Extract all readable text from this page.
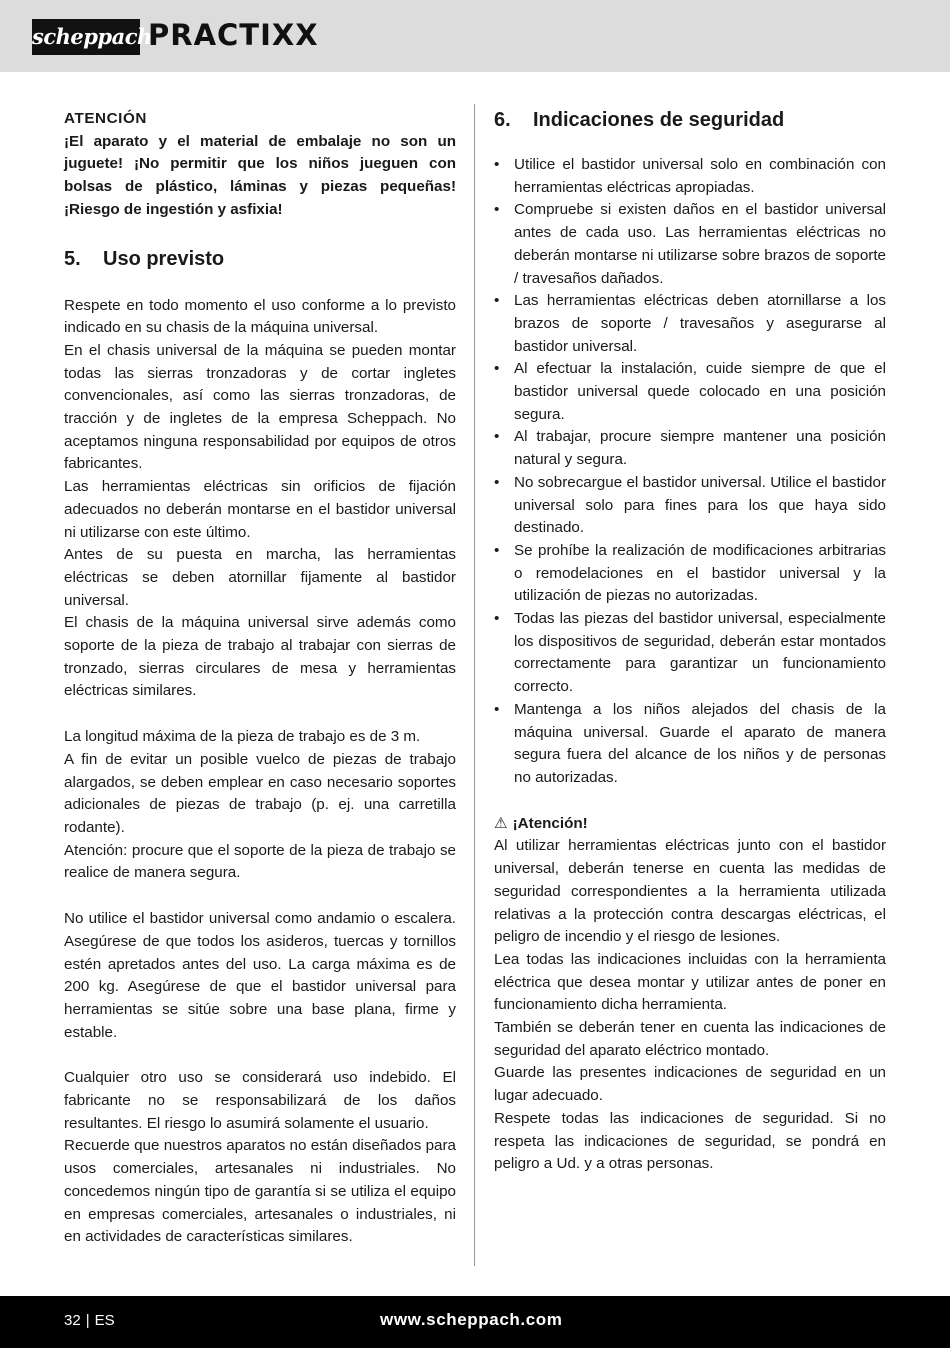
scheppach
PRACTIXX

ATENCIÓN

¡El aparato y el material de embalaje no son un juguete! ¡No permitir que los niños jueguen con bolsas de plástico, láminas y piezas pequeñas! ¡Riesgo de ingestión y asfixia!

5.	Uso previsto

Respete en todo momento el uso conforme a lo previsto indicado en su chasis de la máquina universal.

En el chasis universal de la máquina se pueden montar todas las sierras tronzadoras y de cortar ingletes convencionales, así como las sierras tronzadoras, de tracción y de ingletes de la empresa Scheppach. No aceptamos ninguna responsabilidad por equipos de otros fabricantes.

Las herramientas eléctricas sin orificios de fijación adecuados no deberán montarse en el bastidor universal ni utilizarse con este último.

Antes de su puesta en marcha, las herramientas eléctricas se deben atornillar fijamente al bastidor universal.

El chasis de la máquina universal sirve además como soporte de la pieza de trabajo al trabajar con sierras de tronzado, sierras circulares de mesa y herramientas eléctricas similares.

La longitud máxima de la pieza de trabajo es de 3 m.

A fin de evitar un posible vuelco de piezas de trabajo alargados, se deben emplear en caso necesario soportes adicionales de piezas de trabajo (p. ej. una carretilla rodante).

Atención: procure que el soporte de la pieza de trabajo se realice de manera segura.

No utilice el bastidor universal como andamio o escalera. Asegúrese de que todos los asideros, tuercas y tornillos estén apretados antes del uso. La carga máxima es de 200 kg. Asegúrese de que el bastidor universal para herramientas se sitúe sobre una base plana, firme y estable.

Cualquier otro uso se considerará uso indebido. El fabricante no se responsabilizará de los daños resultantes. El riesgo lo asumirá solamente el usuario.

Recuerde que nuestros aparatos no están diseñados para usos comerciales, artesanales ni industriales. No concedemos ningún tipo de garantía si se utiliza el equipo en empresas comerciales, artesanales o industriales, ni en actividades de características similares.

6.	Indicaciones de seguridad
• Utilice el bastidor universal solo en combinación con herramientas eléctricas apropiadas.
• Compruebe si existen daños en el bastidor universal antes de cada uso. Las herramientas eléctricas no deberán montarse ni utilizarse sobre brazos de soporte / travesaños dañados.
• Las herramientas eléctricas deben atornillarse a los brazos de soporte / travesaños y asegurarse al bastidor universal.
• Al efectuar la instalación, cuide siempre de que el bastidor universal quede colocado en una posición segura.
• Al trabajar, procure siempre mantener una posición natural y segura.
• No sobrecargue el bastidor universal. Utilice el bastidor universal solo para fines para los que haya sido destinado.
• Se prohíbe la realización de modificaciones arbitrarias o remodelaciones en el bastidor universal y la utilización de piezas no autorizadas.
• Todas las piezas del bastidor universal, especialmente los dispositivos de seguridad, deberán estar montados correctamente para garantizar un funcionamiento correcto.
• Mantenga a los niños alejados del chasis de la máquina universal. Guarde el aparato de manera segura fuera del alcance de los niños y de personas no autorizadas.
⚠ ¡Atención!

Al utilizar herramientas eléctricas junto con el bastidor universal, deberán tenerse en cuenta las medidas de seguridad correspondientes a la herramienta utilizada relativas a la protección contra descargas eléctricas, el peligro de incendio y el riesgo de lesiones.

Lea todas las indicaciones incluidas con la herramienta eléctrica que desea montar y utilizar antes de poner en funcionamiento dicha herramienta.

También se deberán tener en cuenta las indicaciones de seguridad del aparato eléctrico montado.

Guarde las presentes indicaciones de seguridad en un lugar adecuado.

Respete todas las indicaciones de seguridad. Si no respeta las indicaciones de seguridad, se pondrá en peligro a Ud. y a otras personas.

32 | ES	www.scheppach.com
